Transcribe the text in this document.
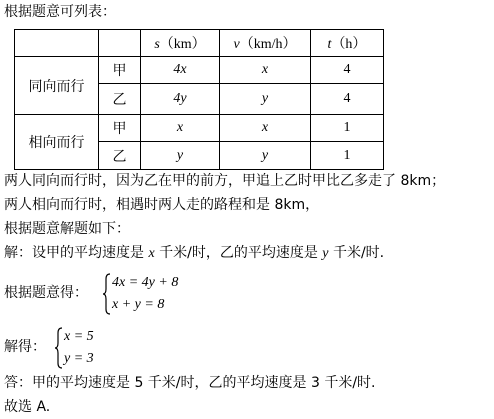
根据题意可列表：
		s（km）	v（km/h）	t（h）
同向而行	甲	4x	x	4
	乙	4y	y	4
相向而行	甲	x	x	1
	乙	y	y	1
两人同向而行时，因为乙在甲的前方，甲追上乙时甲比乙多走了 8km；
两人相向而行时，相遇时两人走的路程和是 8km，
根据题意解题如下：
解：设甲的平均速度是 x 千米/时，乙的平均速度是 y 千米/时.
根据题意得：
4x = 4y + 8
x + y = 8
解得：
x = 5
y = 3
答：甲的平均速度是 5 千米/时，乙的平均速度是 3 千米/时.
故选 A.
